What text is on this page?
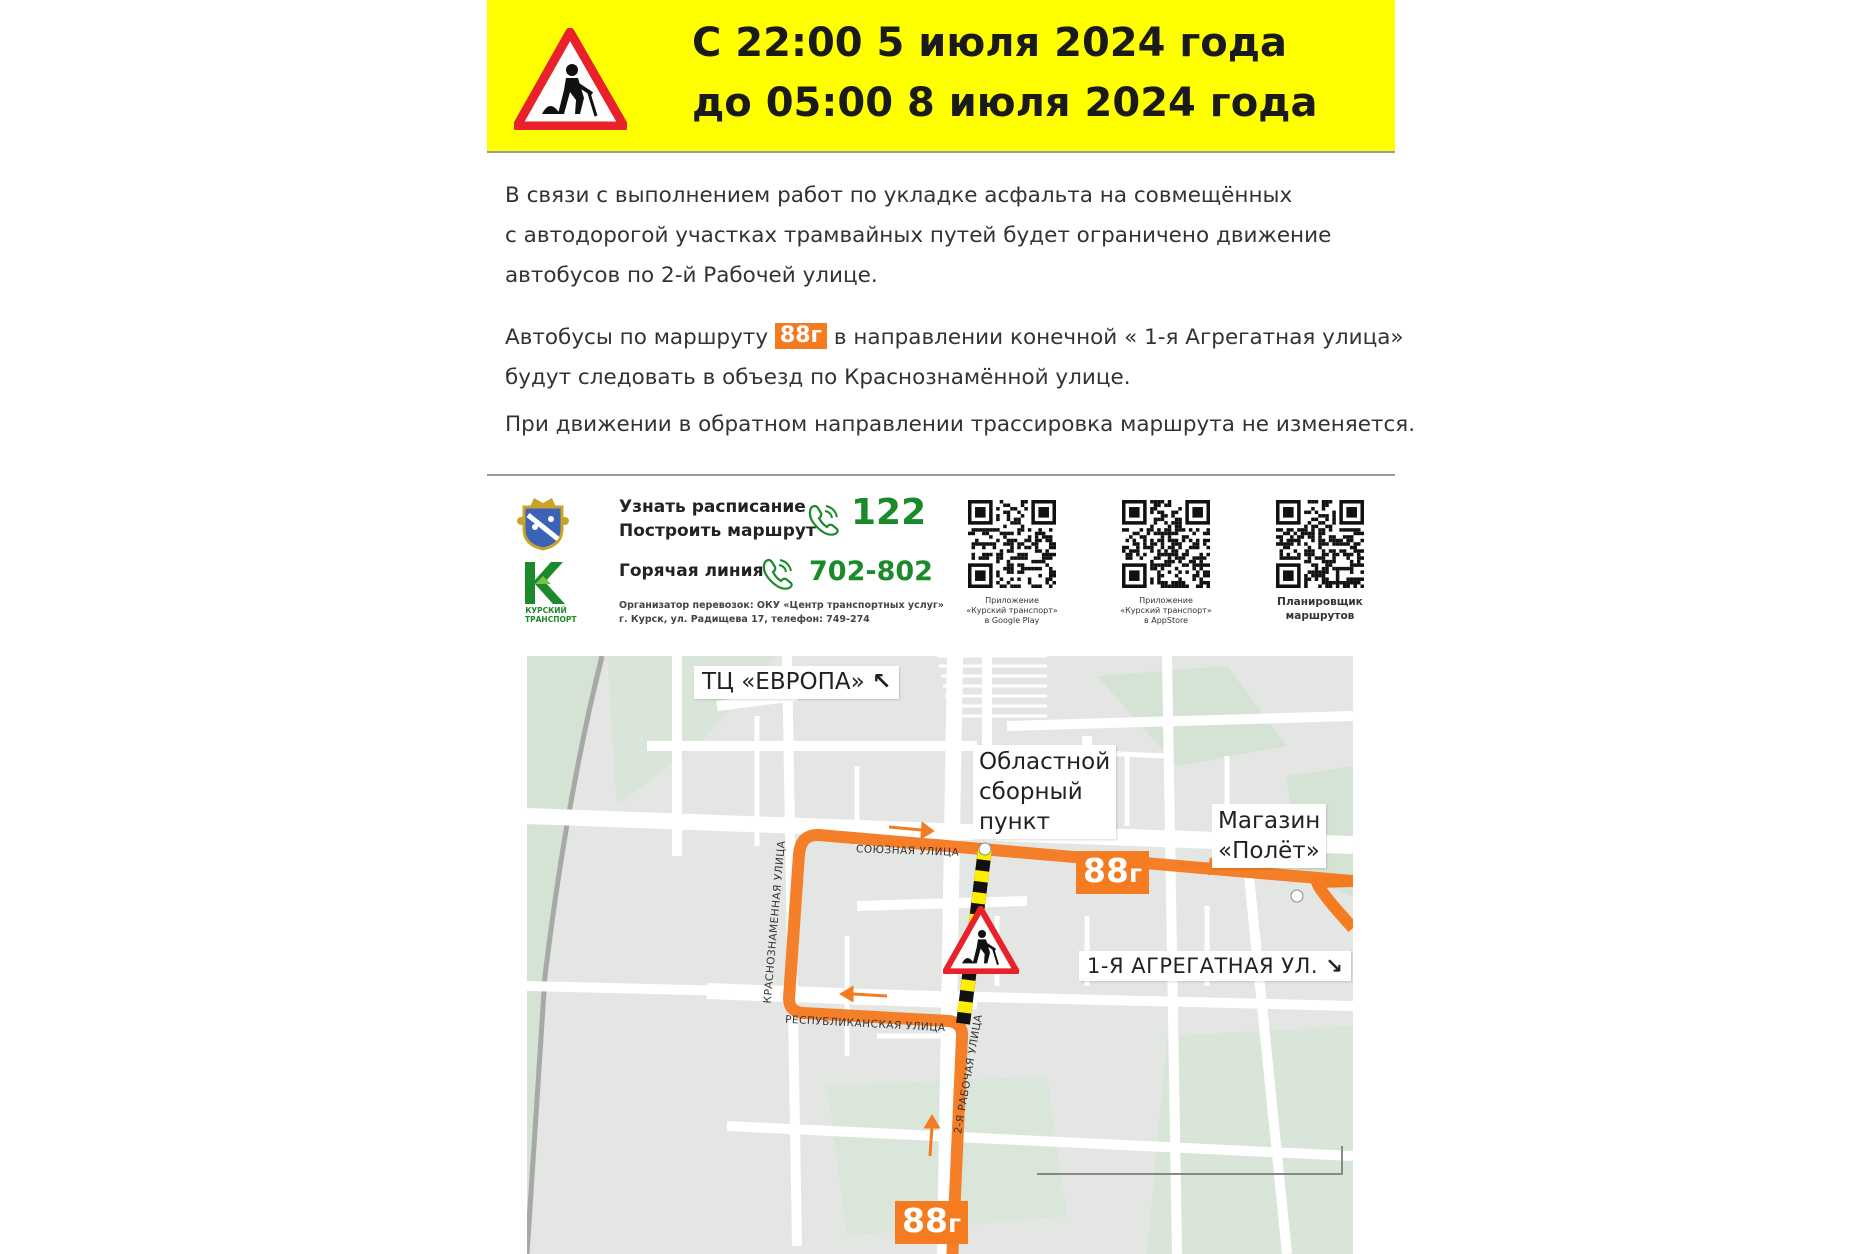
С 22:00 5 июля 2024 года
до 05:00 8 июля 2024 года
В связи с выполнением работ по укладке асфальта на совмещённых
с автодорогой участках трамвайных путей будет ограничено движение
автобусов по 2-й Рабочей улице.
Автобусы по маршруту 88г в направлении конечной « 1-я Агрегатная улица»
будут следовать в объезд по Краснознамённой улице.
При движении в обратном направлении трассировка маршрута не изменяется.
КУРСКИЙ
ТРАНСПОРТ
Узнать расписание
Построить маршрут 122
Горячая линия 702-802
Организатор перевозок: ОКУ «Центр транспортных услуг»
г. Курск, ул. Радищева 17, телефон: 749-274
Приложение
«Курский транспорт»
в Google Play
Приложение
«Курский транспорт»
в AppStore
Планировщик
маршрутов
ТЦ «ЕВРОПА» ↖
Областной
сборный
пункт	Магазин
«Полёт»
1-Я АГРЕГАТНАЯ УЛ. ↘
СОЮЗНАЯ УЛИЦА
КРАСНОЗНАМЕННАЯ УЛИЦА
РЕСПУБЛИКАНСКАЯ УЛИЦА 2-Я РАБОЧАЯ УЛИЦА
88г
88г
